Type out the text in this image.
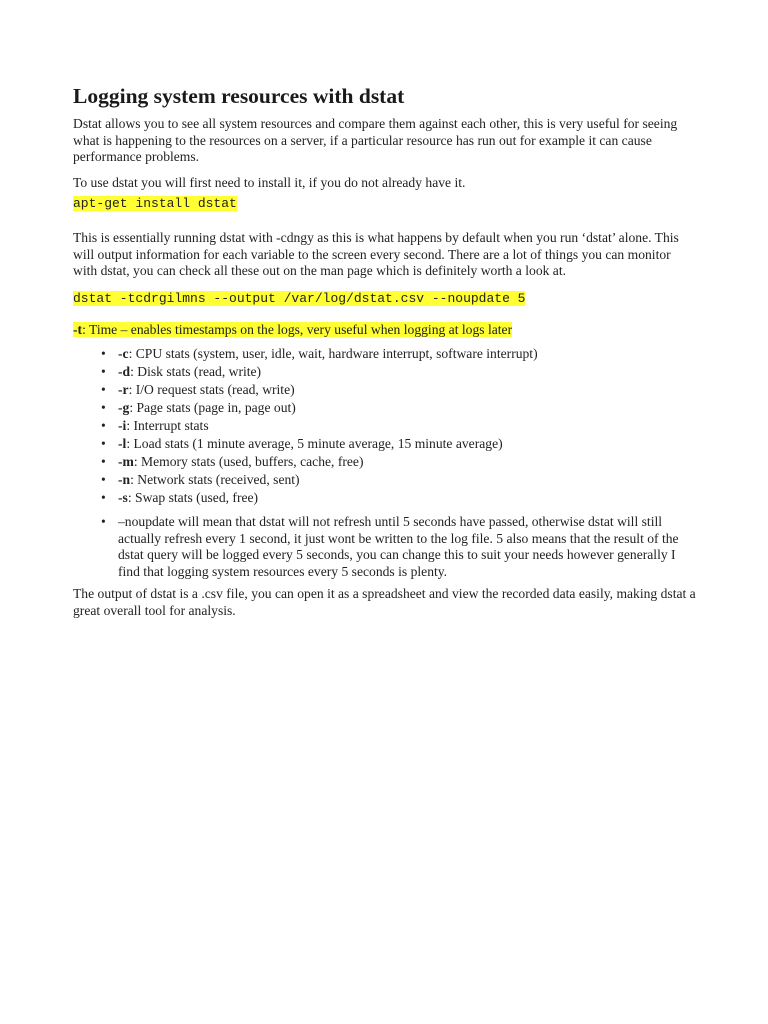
Logging system resources with dstat

Dstat allows you to see all system resources and compare them against each other, this is very useful for seeing what is happening to the resources on a server, if a particular resource has run out for example it can cause performance problems.

To use dstat you will first need to install it, if you do not already have it.

apt-get install dstat

This is essentially running dstat with -cdngy as this is what happens by default when you run ‘dstat’ alone. This will output information for each variable to the screen every second. There are a lot of things you can monitor with dstat, you can check all these out on the man page which is definitely worth a look at.

dstat -tcdrgilmns --output /var/log/dstat.csv --noupdate 5

-t: Time – enables timestamps on the logs, very useful when logging at logs later

• -c: CPU stats (system, user, idle, wait, hardware interrupt, software interrupt)
• -d: Disk stats (read, write)
• -r: I/O request stats (read, write)
• -g: Page stats (page in, page out)
• -i: Interrupt stats
• -l: Load stats (1 minute average, 5 minute average, 15 minute average)
• -m: Memory stats (used, buffers, cache, free)
• -n: Network stats (received, sent)
• -s: Swap stats (used, free)
• –noupdate will mean that dstat will not refresh until 5 seconds have passed, otherwise dstat will still actually refresh every 1 second, it just wont be written to the log file. 5 also means that the result of the dstat query will be logged every 5 seconds, you can change this to suit your needs however generally I find that logging system resources every 5 seconds is plenty.

The output of dstat is a .csv file, you can open it as a spreadsheet and view the recorded data easily, making dstat a great overall tool for analysis.
